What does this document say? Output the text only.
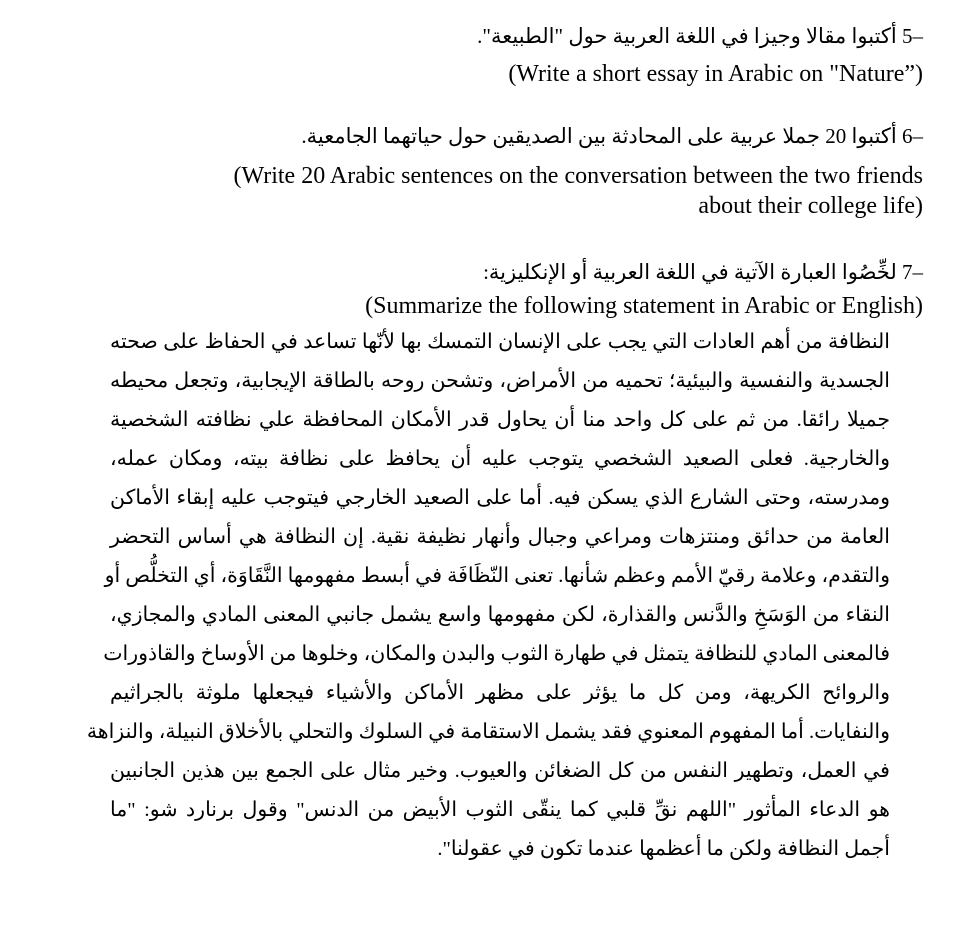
5– أكتبوا مقالا وجيزا في اللغة العربية حول "الطبيعة".
(Write a short essay in Arabic on "Nature”)
6– أكتبوا 20 جملا عربية على المحادثة بين الصديقين حول حياتهما الجامعية.
(Write 20 Arabic sentences on the conversation between the two friends
about their college life)
7– لخِّصُوا العبارة الآتية في اللغة العربية أو الإنكليزية:
(Summarize the following statement in Arabic or English)
النظافة من أهم العادات التي يجب على الإنسان التمسك بها لأنّها تساعد في الحفاظ على صحته
الجسدية والنفسية والبيئية؛ تحميه من الأمراض، وتشحن روحه بالطاقة الإيجابية، وتجعل محيطه
جميلا رائقا. من ثم على كل واحد منا أن يحاول قدر الأمكان المحافظة علي نظافته الشخصية
والخارجية. فعلى الصعيد الشخصي يتوجب عليه أن يحافظ على نظافة بيته، ومكان عمله،
ومدرسته، وحتى الشارع الذي يسكن فيه. أما على الصعيد الخارجي فيتوجب عليه إبقاء الأماكن
العامة من حدائق ومنتزهات ومراعي وجبال وأنهار نظيفة نقية. إن النظافة هي أساس التحضر
والتقدم، وعلامة رقيّ الأمم وعظم شأنها. تعنى النّظَافَة في أبسط مفهومها النَّقَاوَة، أي التخلُّص أو
النقاء من الوَسَخِ والدَّنس والقذارة، لكن مفهومها واسع يشمل جانبي المعنى المادي والمجازي،
فالمعنى المادي للنظافة يتمثل في طهارة الثوب والبدن والمكان، وخلوها من الأوساخ والقاذورات
والروائح الكريهة، ومن كل ما يؤثر على مظهر الأماكن والأشياء فيجعلها ملوثة بالجراثيم
والنفايات. أما المفهوم المعنوي فقد يشمل الاستقامة في السلوك والتحلي بالأخلاق النبيلة، والنزاهة
في العمل، وتطهير النفس من كل الضغائن والعيوب. وخير مثال على الجمع بين هذين الجانبين
هو الدعاء المأثور "اللهم نقِّ قلبي كما ينقّى الثوب الأبيض من الدنس" وقول برنارد شو: "ما
أجمل النظافة ولكن ما أعظمها عندما تكون في عقولنا".
